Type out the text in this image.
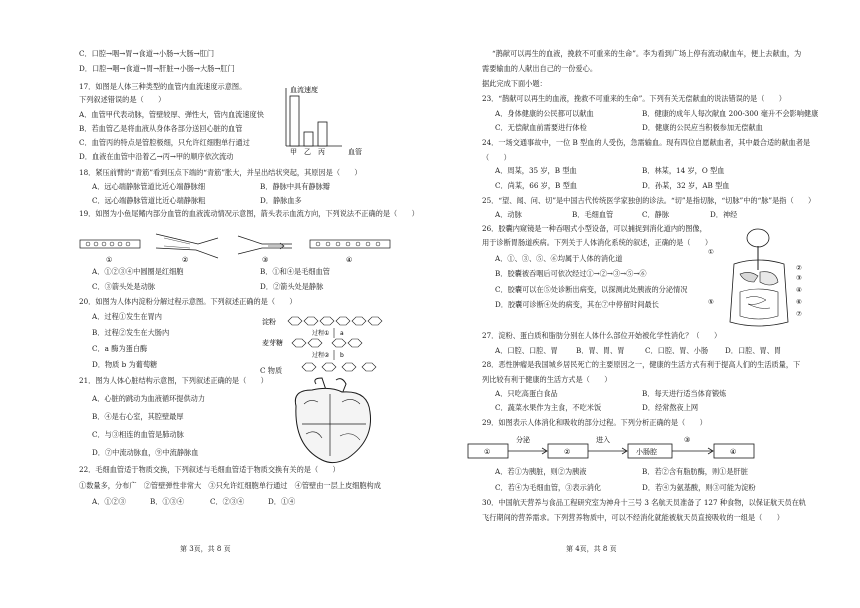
C．口腔→咽→胃→食道→小肠→大肠→肛门
D．口腔→咽→食道→胃→肝脏→小肠→大肠→肛门
17．如图是人体三种类型的血管内血流速度示意图。
下列叙述错误的是（　　）
A．血管甲代表动脉，管壁较厚、弹性大，管内血流速度快
B．若血管乙是将血液从身体各部分送回心脏的血管
C．血管丙的特点是管腔极细，只允许红细胞单行通过
D．血液在血管中沿着乙→丙→甲的顺序依次流动
18．紧压前臂的“青筋”看到压点下端的“青筋”胀大，并呈出结状突起，其原因是（　　）
A．远心端静脉管道比近心端静脉细	B．静脉中具有静脉瓣
C．远心端静脉管道比近心端静脉粗	D．静脉血多
19．如图为小鱼尾鳍内部分血管的血液流动情况示意图，箭头表示血流方向，下列说法不正确的是（　　）
A．①②③④中圆圈是红细胞	B．①和④是毛细血管
C．③箭头处是动脉	D．②箭头处是静脉
20．如图为人体内淀粉分解过程示意图。下列叙述正确的是（　　）
A．过程①发生在胃内
B．过程②发生在大肠内
C．a 酶为蛋白酶
D．物质 b 为葡萄糖
21．图为人体心脏结构示意图，下列叙述正确的是（　　）
A．心脏的跳动为血液循环提供动力
B．④是右心室，其腔壁最厚
C．与③相连的血管是肺动脉
D．⑦中流动脉血，⑨中流静脉血
22．毛细血管适于物质交换，下列叙述与毛细血管适于物质交换有关的是（　　）
①数量多，分布广　②管壁弹性非常大　③只允许红细胞单行通过　④管壁由一层上皮细胞构成
A．①②③	B．①③④	C．②③④	D．①④
血流速度
甲 乙 丙	血管
①	②	③	④
淀粉
过程① a
麦芽糖
过程② b
C 物质
第 3页，共 8 页
“鹊献可以再生的血液，挽救不可重来的生命”。李为看到广场上停有流动献血车，便上去献血，为
需要输血的人献出自己的一份爱心。
据此完成下面小题：
23．“鹊献可以再生的血液，挽救不可重来的生命”。下列有关无偿献血的说法错误的是（　　）
A．身体健康的公民都可以献血	B．健康的成年人每次献血 200-300 毫升不会影响健康
C．无偿献血前需要进行体检	D．健康的公民应当积极参加无偿献血
24．一场交通事故中，一位 B 型血的人受伤，急需输血。现有四位自愿献血者，其中最合适的献血者是
（　　）
A．周某，35 岁，B 型血	B．林某，14 岁，O 型血
C．尚某，66 岁，B 型血	D．孙某，32 岁，AB 型血
25．“望、闻、问、切”是中国古代传统医学家独创的诊法。“切”是指切脉，“切脉”中的“脉”是指（　　）
A．动脉	B．毛细血管	C．静脉	D．神经
26．胶囊内窥镜是一种吞咽式小型设备，可以捕捉到消化道内的图像，
用于诊断胃肠道疾病。下列关于人体消化系统的叙述，正确的是（　　）
A．①、③、⑤、⑥均属于人体的消化道
B．胶囊被吞咽后可依次经过①→②→③→⑤→⑥
C．胶囊可以在⑤处诊断出病变，以探测此处胰液的分泌情况
D．胶囊可诊断④处的病变，其在⑦中停留时间最长
27．淀粉、蛋白质和脂肪分别在人体什么部位开始被化学性消化？（　　）
A．口腔、口腔、胃	B．胃、胃、胃	C．口腔、胃、小肠 D．口腔、胃、胃
28．恶性肿瘤是我国城乡居民死亡的主要原因之一，健康的生活方式有利于提高人们的生活质量，下
列比较有利于健康的生活方式是（　　）
A．只吃高蛋白食品	B．每天进行适当体育锻炼
C．蔬菜水果作为主食，不吃米饭	D．经常熬夜上网
29．如图表示人体消化和吸收的部分过程。下列分析正确的是（　　）
A．若①为胰脏，则②为胰液	B．若②含有脂肪酶，则①是肝脏
C．若④为毛细血管，③表示消化	D．若④为氨基酸，则③可能为淀粉
30．中国航天营养与食品工程研究室为神舟十三号 3 名航天员准备了 127 种食物，以保证航天员在轨
飞行期间的营养需求。下列营养物质中，可以不经消化就能被航天员直接吸收的一组是（　　）
①
②
③
④
⑤	⑥
⑦
①
分泌
②
进入
小肠腔
③
④
第 4页，共 8 页
